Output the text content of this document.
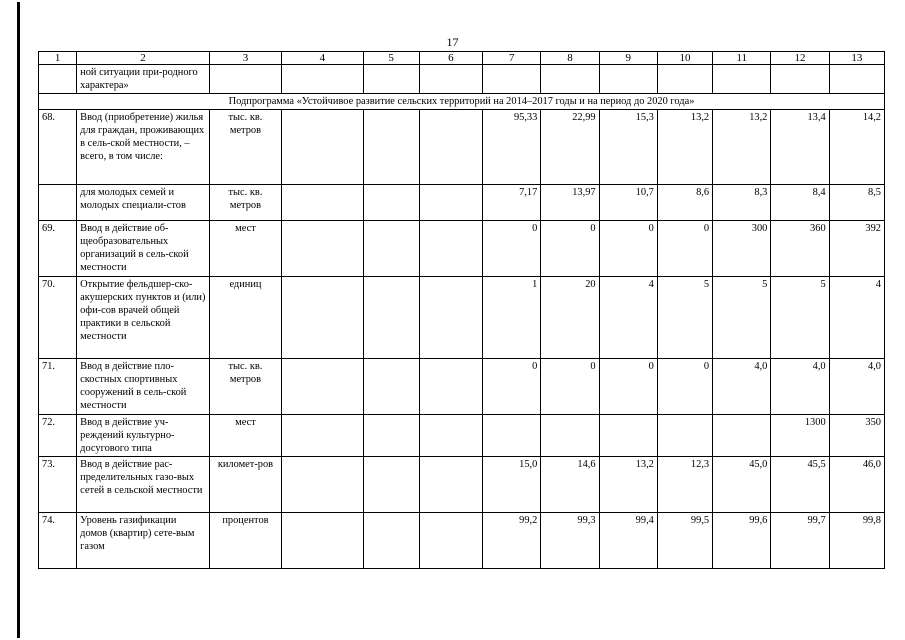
17
1	2	3	4	5	6	7	8	9	10	11	12	13
	ной ситуации при-родного характера»											
Подпрограмма «Устойчивое развитие сельских территорий на 2014–2017 годы и на период до 2020 года»												
68.	Ввод (приобретение) жилья для граждан, проживающих в сель-ской местности, – всего, в том числе:	тыс. кв. метров				95,33	22,99	15,3	13,2	13,2	13,4	14,2
	для молодых семей и молодых специали-стов	тыс. кв. метров				7,17	13,97	10,7	8,6	8,3	8,4	8,5
69.	Ввод в действие об-щеобразовательных организаций в сель-ской местности	мест				0	0	0	0	300	360	392
70.	Открытие фельдшер-ско-акушерских пунктов и (или) офи-сов врачей общей практики в сельской местности	единиц				1	20	4	5	5	5	4
71.	Ввод в действие пло-скостных спортивных сооружений в сель-ской местности	тыс. кв. метров				0	0	0	0	4,0	4,0	4,0
72.	Ввод в действие уч-реждений культурно-досугового типа	мест									1300	350
73.	Ввод в действие рас-пределительных газо-вых сетей в сельской местности	километ-ров				15,0	14,6	13,2	12,3	45,0	45,5	46,0
74.	Уровень газификации домов (квартир) сете-вым газом	процентов				99,2	99,3	99,4	99,5	99,6	99,7	99,8
